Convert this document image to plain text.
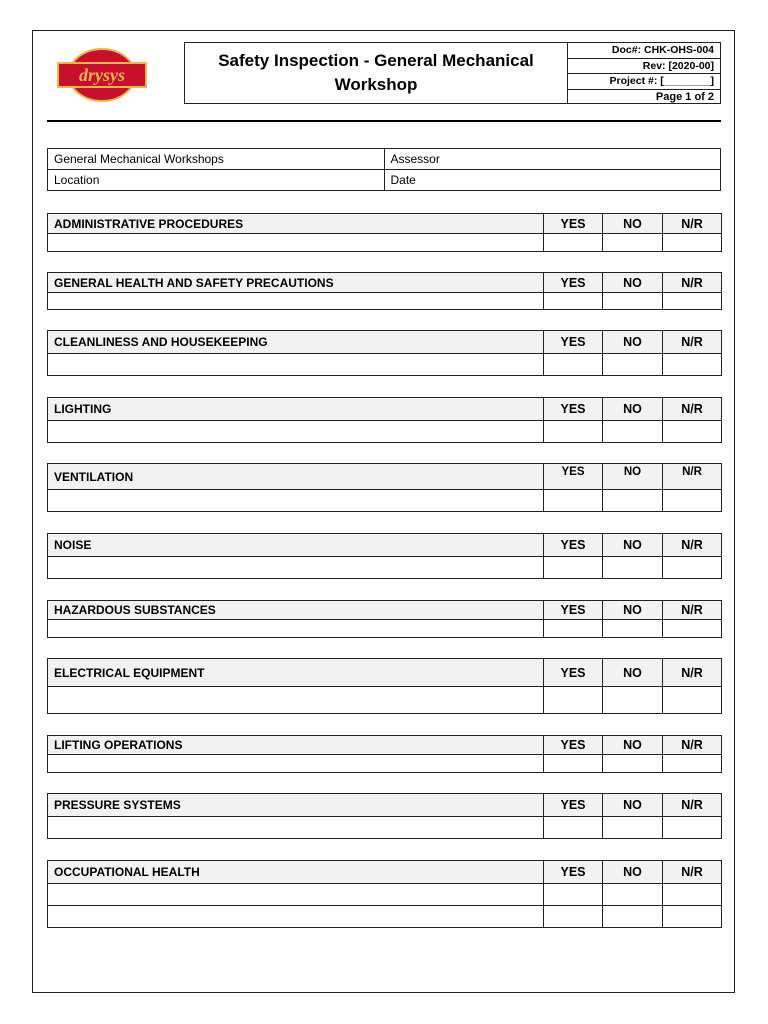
drysys
Safety Inspection - General Mechanical Workshop
Doc#: CHK-OHS-004
Rev: [2020-00]
Project #: [________]
Page 1 of 2
General Mechanical Workshops	Assessor
Location	Date
ADMINISTRATIVE PROCEDURES	YES	NO	N/R

GENERAL HEALTH AND SAFETY PRECAUTIONS	YES	NO	N/R

CLEANLINESS AND HOUSEKEEPING	YES	NO	N/R

LIGHTING	YES	NO	N/R

VENTILATION	YES	NO	N/R

NOISE	YES	NO	N/R

HAZARDOUS SUBSTANCES	YES	NO	N/R

ELECTRICAL EQUIPMENT	YES	NO	N/R

LIFTING OPERATIONS	YES	NO	N/R

PRESSURE SYSTEMS	YES	NO	N/R

OCCUPATIONAL HEALTH	YES	NO	N/R
